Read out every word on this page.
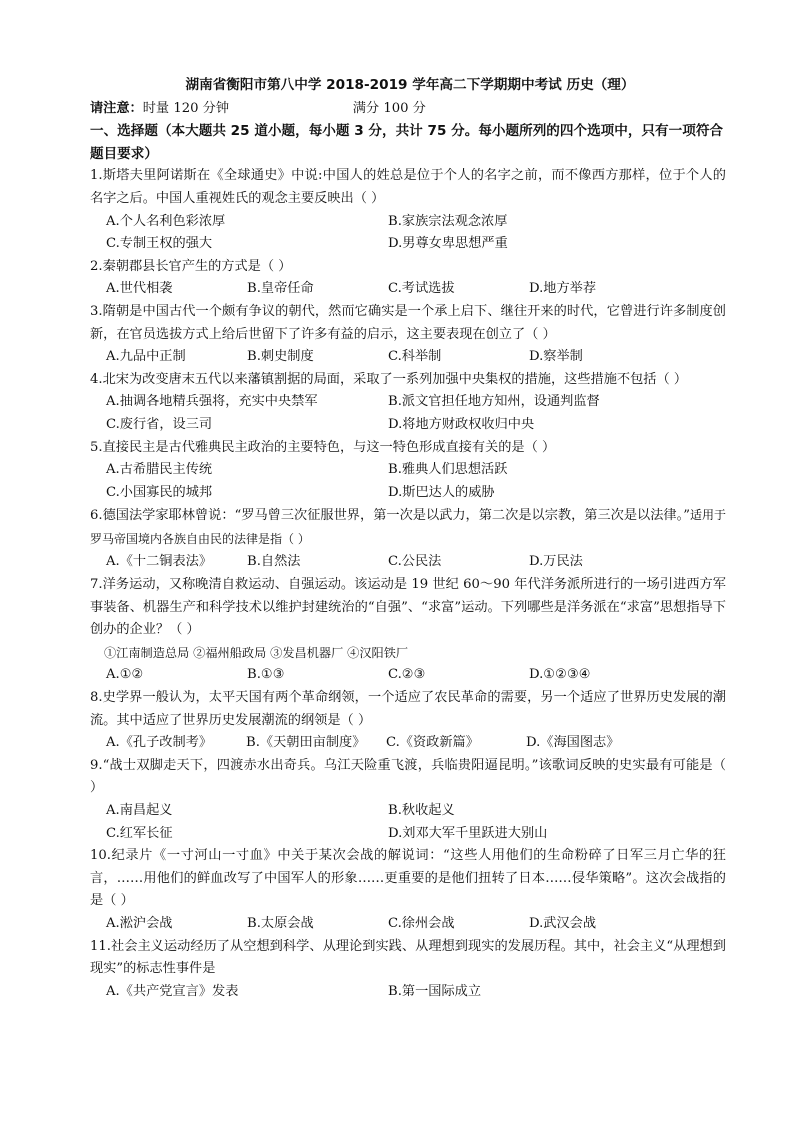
湖南省衡阳市第八中学 2018-2019 学年高二下学期期中考试 历史（理）
请注意： 时量 120 分钟	满分 100 分
一、选择题（本大题共 25 道小题，每小题 3 分，共计 75 分。每小题所列的四个选项中，只有一项符合题目要求）
1.斯塔夫里阿诺斯在《全球通史》中说:中国人的姓总是位于个人的名字之前，而不像西方那样，位于个人的名字之后。中国人重视姓氏的观念主要反映出（ ）
A.个人名利色彩浓厚	B.家族宗法观念浓厚
C.专制王权的强大	D.男尊女卑思想严重
2.秦朝郡县长官产生的方式是（ ）
A.世代相袭	B.皇帝任命	C.考试选拔	D.地方举荐
3.隋朝是中国古代一个颇有争议的朝代，然而它确实是一个承上启下、继往开来的时代，它曾进行许多制度创新，在官员选拔方式上给后世留下了许多有益的启示，这主要表现在创立了（ ）
A.九品中正制	B.刺史制度	C.科举制	D.察举制
4.北宋为改变唐末五代以来藩镇割据的局面，采取了一系列加强中央集权的措施，这些措施不包括（ ）
A.抽调各地精兵强将，充实中央禁军	B.派文官担任地方知州，设通判监督
C.废行省，设三司	D.将地方财政权收归中央
5.直接民主是古代雅典民主政治的主要特色，与这一特色形成直接有关的是（ ）
A.古希腊民主传统	B.雅典人们思想活跃
C.小国寡民的城邦	D.斯巴达人的威胁
6.德国法学家耶林曾说：“罗马曾三次征服世界，第一次是以武力，第二次是以宗教，第三次是以法律。”适用于罗马帝国境内各族自由民的法律是指（ ）
A.《十二铜表法》	B.自然法	C.公民法	D.万民法
7.洋务运动，又称晚清自救运动、自强运动。该运动是 19 世纪 60～90 年代洋务派所进行的一场引进西方军事装备、机器生产和科学技术以维护封建统治的“自强”、“求富”运动。下列哪些是洋务派在“求富”思想指导下创办的企业？（ ）
①江南制造总局 ②福州船政局 ③发昌机器厂 ④汉阳铁厂
A.①②	B.①③	C.②③	D.①②③④
8.史学界一般认为，太平天国有两个革命纲领，一个适应了农民革命的需要，另一个适应了世界历史发展的潮流。其中适应了世界历史发展潮流的纲领是（ ）
A.《孔子改制考》	B.《天朝田亩制度》	C.《资政新篇》	D.《海国图志》
9.“战士双脚走天下，四渡赤水出奇兵。乌江天险重飞渡，兵临贵阳逼昆明。”该歌词反映的史实最有可能是（ ）
A.南昌起义	B.秋收起义
C.红军长征	D.刘邓大军千里跃进大别山
10.纪录片《一寸河山一寸血》中关于某次会战的解说词：“这些人用他们的生命粉碎了日军三月亡华的狂言，……用他们的鲜血改写了中国军人的形象……更重要的是他们扭转了日本……侵华策略”。这次会战指的是（ ）
A.淞沪会战	B.太原会战	C.徐州会战	D.武汉会战
11.社会主义运动经历了从空想到科学、从理论到实践、从理想到现实的发展历程。其中，社会主义“从理想到现实”的标志性事件是
A.《共产党宣言》发表	B.第一国际成立
